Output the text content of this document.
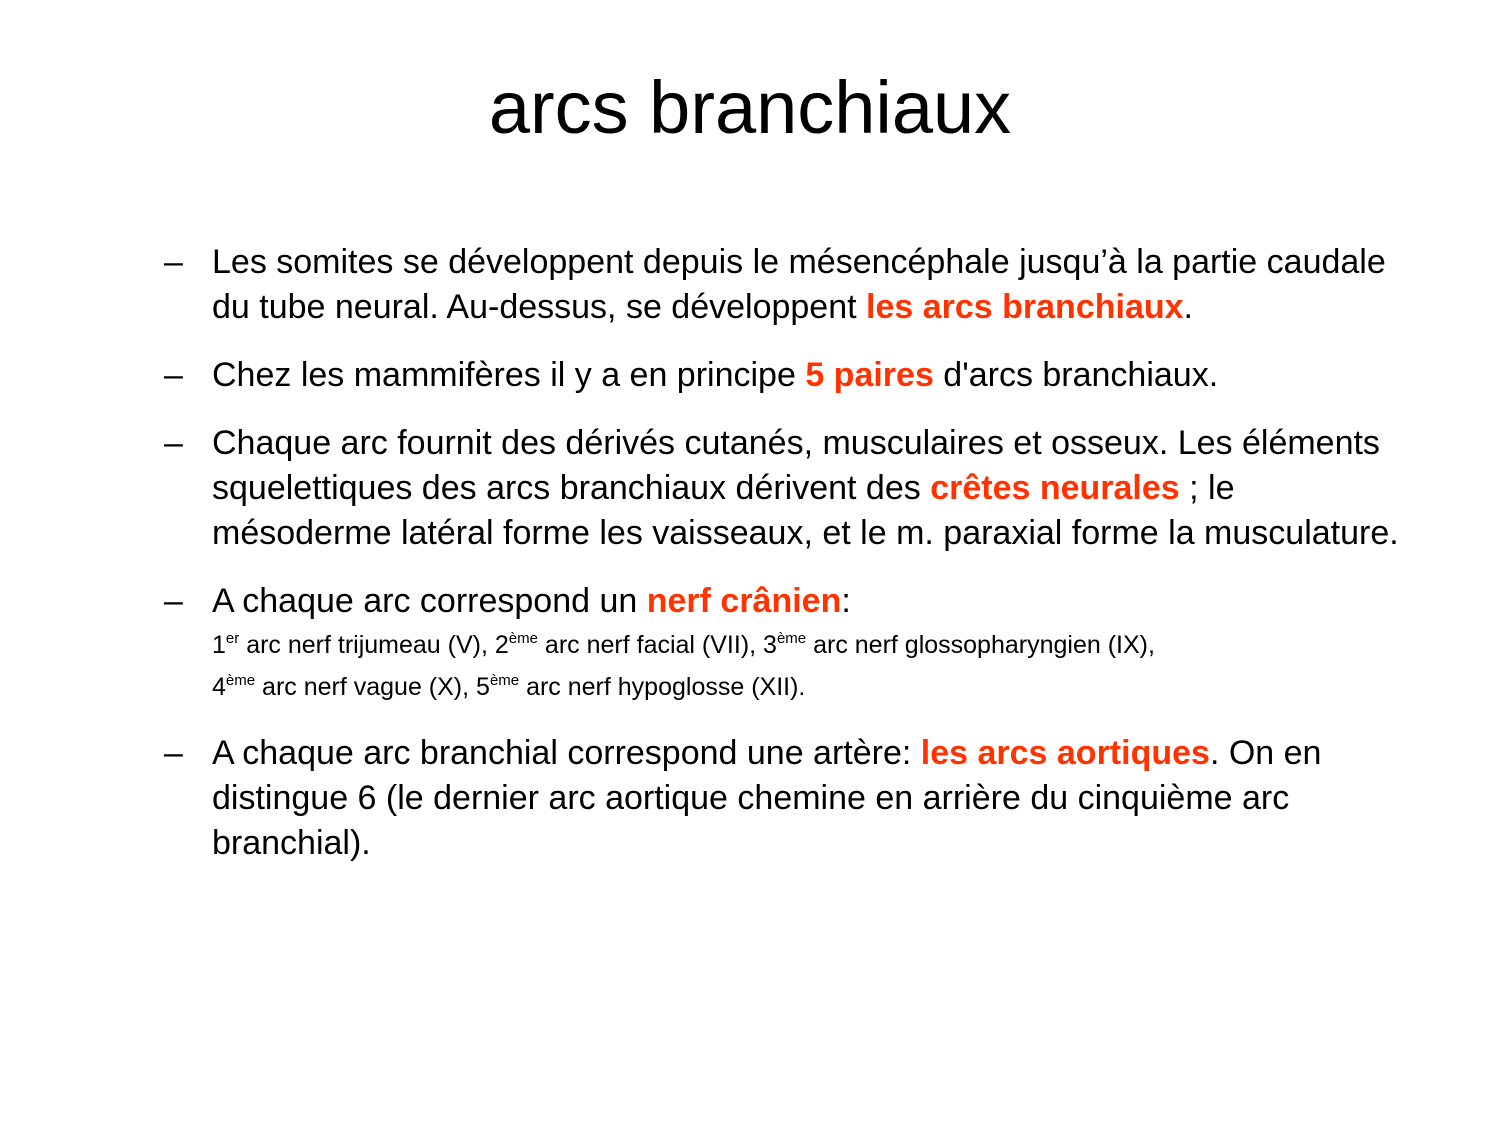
arcs branchiaux
– Les somites se développent depuis le mésencéphale jusqu’à la partie caudale du tube neural. Au-dessus, se développent les arcs branchiaux.
– Chez les mammifères il y a en principe 5 paires d'arcs branchiaux.
– Chaque arc fournit des dérivés cutanés, musculaires et osseux. Les éléments squelettiques des arcs branchiaux dérivent des crêtes neurales ; le mésoderme latéral forme les vaisseaux, et le m. paraxial forme la musculature.
– A chaque arc correspond un nerf crânien:
1er arc nerf trijumeau (V), 2ème arc nerf facial (VII), 3ème arc nerf glossopharyngien (IX),
4ème arc nerf vague (X), 5ème arc nerf hypoglosse (XII).
– A chaque arc branchial correspond une artère: les arcs aortiques. On en distingue 6 (le dernier arc aortique chemine en arrière du cinquième arc branchial).
